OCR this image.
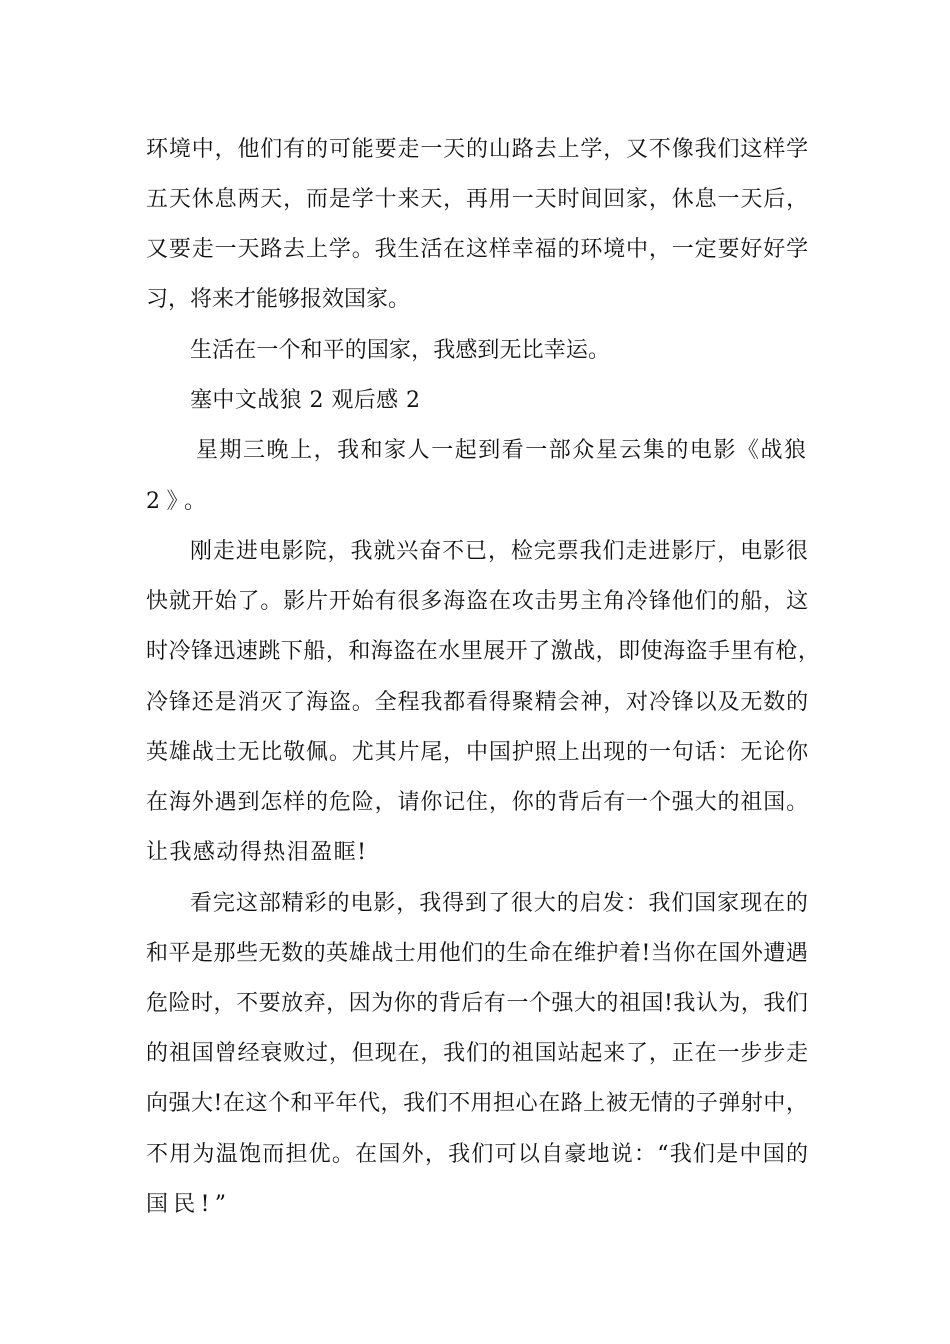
环境中，他们有的可能要走一天的山路去上学，又不像我们这样学
五天休息两天，而是学十来天，再用一天时间回家，休息一天后，
又要走一天路去上学。我生活在这样幸福的环境中，一定要好好学
习，将来才能够报效国家。
生活在一个和平的国家，我感到无比幸运。
塞中文战狼 2 观后感 2
星期三晚上，我和家人一起到看一部众星云集的电影《战狼
2》。
刚走进电影院，我就兴奋不已，检完票我们走进影厅，电影很
快就开始了。影片开始有很多海盗在攻击男主角冷锋他们的船，这
时冷锋迅速跳下船，和海盗在水里展开了激战，即使海盗手里有枪，
冷锋还是消灭了海盗。全程我都看得聚精会神，对冷锋以及无数的
英雄战士无比敬佩。尤其片尾，中国护照上出现的一句话：无论你
在海外遇到怎样的危险，请你记住，你的背后有一个强大的祖国。
让我感动得热泪盈眶!
看完这部精彩的电影，我得到了很大的启发：我们国家现在的
和平是那些无数的英雄战士用他们的生命在维护着!当你在国外遭遇
危险时，不要放弃，因为你的背后有一个强大的祖国!我认为，我们
的祖国曾经衰败过，但现在，我们的祖国站起来了，正在一步步走
向强大!在这个和平年代，我们不用担心在路上被无情的子弹射中，
不用为温饱而担优。在国外，我们可以自豪地说：“我们是中国的
国民!”
